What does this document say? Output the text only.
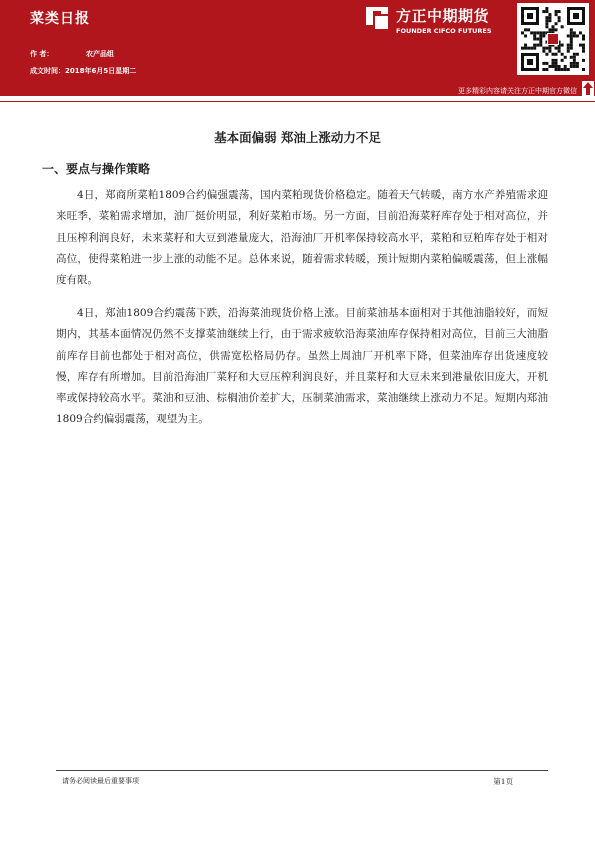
菜类日报
作 者：	农产品组
成文时间：2018年6月5日星期二
方正中期期货
FOUNDER CIFCO FUTURES
更多精彩内容请关注方正中期官方微信
基本面偏弱 郑油上涨动力不足
一、要点与操作策略

4日，郑商所菜粕1809合约偏强震荡，国内菜粕现货价格稳定。随着天气转暖，南方水产养殖需求迎来旺季，菜粕需求增加，油厂挺价明显，利好菜粕市场。另一方面，目前沿海菜籽库存处于相对高位，并且压榨利润良好，未来菜籽和大豆到港量庞大，沿海油厂开机率保持较高水平，菜粕和豆粕库存处于相对高位，使得菜粕进一步上涨的动能不足。总体来说，随着需求转暖，预计短期内菜粕偏暖震荡，但上涨幅度有限。

4日，郑油1809合约震荡下跌，沿海菜油现货价格上涨。目前菜油基本面相对于其他油脂较好，而短期内，其基本面情况仍然不支撑菜油继续上行，由于需求疲软沿海菜油库存保持相对高位，目前三大油脂前库存目前也都处于相对高位，供需宽松格局仍存。虽然上周油厂开机率下降，但菜油库存出货速度较慢，库存有所增加。目前沿海油厂菜籽和大豆压榨利润良好，并且菜籽和大豆未来到港量依旧庞大，开机率或保持较高水平。菜油和豆油、棕榈油价差扩大，压制菜油需求，菜油继续上涨动力不足。短期内郑油1809合约偏弱震荡，观望为主。

请务必阅读最后重要事项	第1页
